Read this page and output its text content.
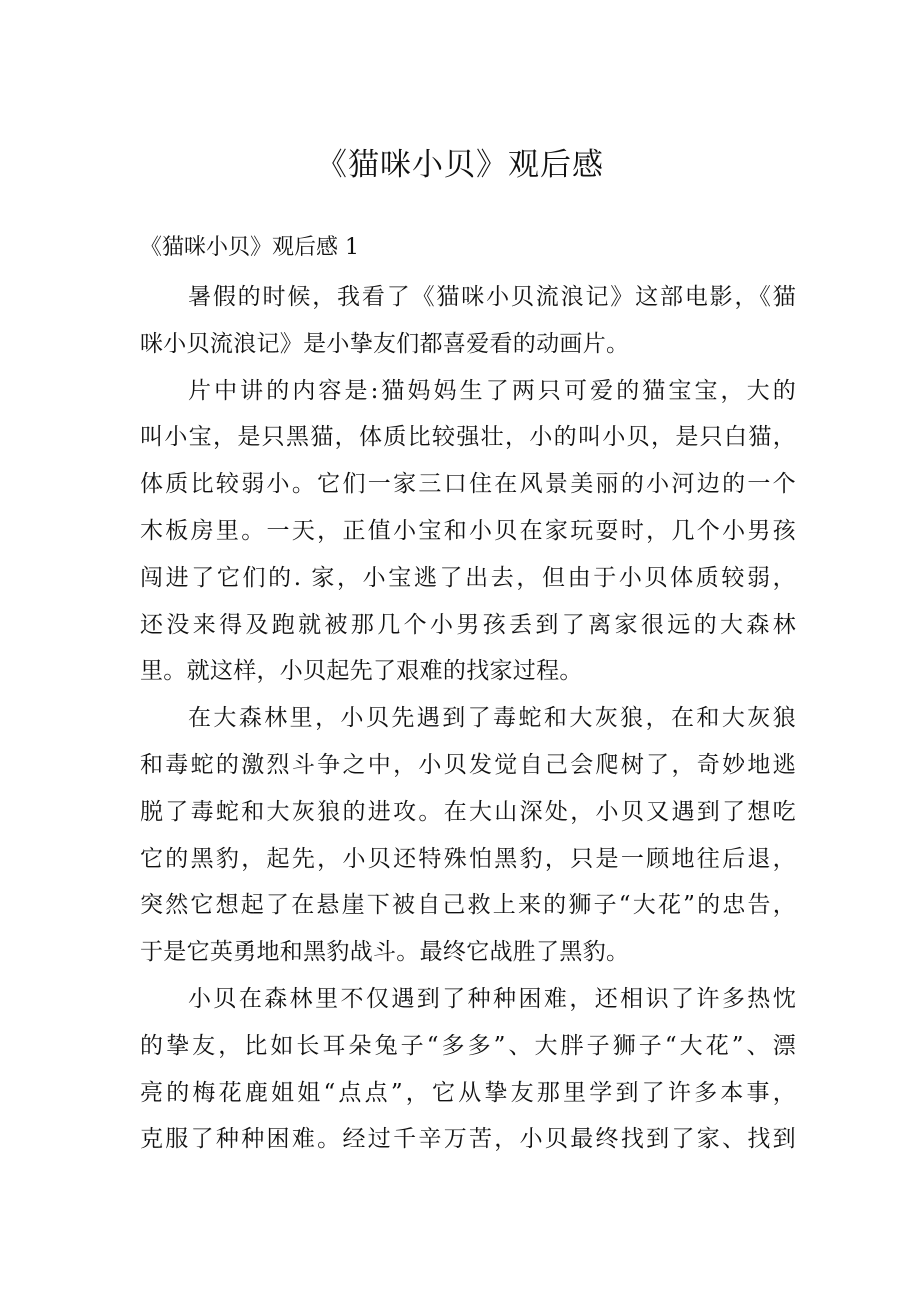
《猫咪小贝》观后感
《猫咪小贝》观后感 1
暑假的时候，我看了《猫咪小贝流浪记》这部电影，《猫
咪小贝流浪记》是小挚友们都喜爱看的动画片。
片中讲的内容是:猫妈妈生了两只可爱的猫宝宝，大的
叫小宝，是只黑猫，体质比较强壮，小的叫小贝，是只白猫，
体质比较弱小。它们一家三口住在风景美丽的小河边的一个
木板房里。一天，正值小宝和小贝在家玩耍时，几个小男孩
闯进了它们的. 家，小宝逃了出去，但由于小贝体质较弱，
还没来得及跑就被那几个小男孩丢到了离家很远的大森林
里。就这样，小贝起先了艰难的找家过程。
在大森林里，小贝先遇到了毒蛇和大灰狼，在和大灰狼
和毒蛇的激烈斗争之中，小贝发觉自己会爬树了，奇妙地逃
脱了毒蛇和大灰狼的进攻。在大山深处，小贝又遇到了想吃
它的黑豹，起先，小贝还特殊怕黑豹，只是一顾地往后退，
突然它想起了在悬崖下被自己救上来的狮子“大花”的忠告，
于是它英勇地和黑豹战斗。最终它战胜了黑豹。
小贝在森林里不仅遇到了种种困难，还相识了许多热忱
的挚友，比如长耳朵兔子“多多”、大胖子狮子“大花”、漂
亮的梅花鹿姐姐“点点”，它从挚友那里学到了许多本事，
克服了种种困难。经过千辛万苦，小贝最终找到了家、找到
